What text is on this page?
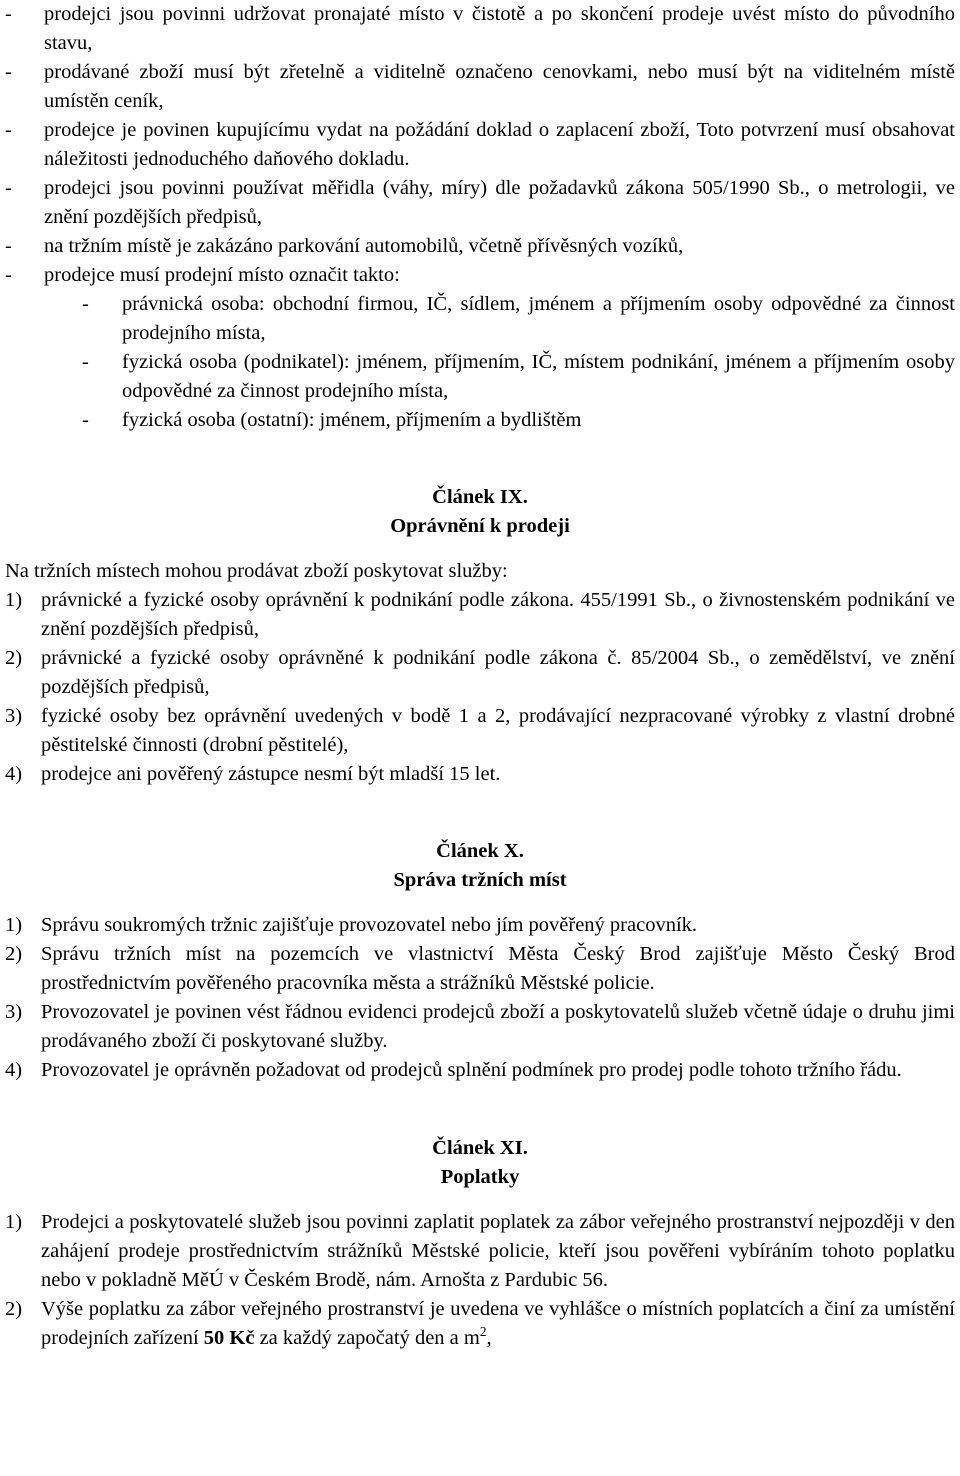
-	prodejci jsou povinni udržovat pronajaté místo v čistotě a po skončení prodeje uvést místo do původního stavu,
-	prodávané zboží musí být zřetelně a viditelně označeno cenovkami, nebo musí být na viditelném místě umístěn ceník,
-	prodejce je povinen kupujícímu vydat na požádání doklad o zaplacení zboží, Toto potvrzení musí obsahovat náležitosti jednoduchého daňového dokladu.
-	prodejci jsou povinni používat měřidla (váhy, míry) dle požadavků zákona 505/1990 Sb., o metrologii, ve znění pozdějších předpisů,
-	na tržním místě je zakázáno parkování automobilů, včetně přívěsných vozíků,
-	prodejce musí prodejní místo označit takto:
-	právnická osoba: obchodní firmou, IČ, sídlem, jménem a příjmením osoby odpovědné za činnost prodejního místa,
-	fyzická osoba (podnikatel): jménem, příjmením, IČ, místem podnikání, jménem a příjmením osoby odpovědné za činnost prodejního místa,
-	fyzická osoba (ostatní): jménem, příjmením a bydlištěm
Článek IX.
Oprávnění k prodeji
Na tržních místech mohou prodávat zboží poskytovat služby:
1) právnické a fyzické osoby oprávnění k podnikání podle zákona. 455/1991 Sb., o živnostenském podnikání ve znění pozdějších předpisů,
2) právnické a fyzické osoby oprávněné k podnikání podle zákona č. 85/2004 Sb., o zemědělství, ve znění pozdějších předpisů,
3) fyzické osoby bez oprávnění uvedených v bodě 1 a 2, prodávající nezpracované výrobky z vlastní drobné pěstitelské činnosti (drobní pěstitelé),
4) prodejce ani pověřený zástupce nesmí být mladší 15 let.
Článek X.
Správa tržních míst
1) Správu soukromých tržnic zajišťuje provozovatel nebo jím pověřený pracovník.
2) Správu tržních míst na pozemcích ve vlastnictví Města Český Brod zajišťuje Město Český Brod prostřednictvím pověřeného pracovníka města a strážníků Městské policie.
3) Provozovatel je povinen vést řádnou evidenci prodejců zboží a poskytovatelů služeb včetně údaje o druhu jimi prodávaného zboží či poskytované služby.
4) Provozovatel je oprávněn požadovat od prodejců splnění podmínek pro prodej podle tohoto tržního řádu.
Článek XI.
Poplatky
1) Prodejci a poskytovatelé služeb jsou povinni zaplatit poplatek za zábor veřejného prostranství nejpozději v den zahájení prodeje prostřednictvím strážníků Městské policie, kteří jsou pověřeni vybíráním tohoto poplatku nebo v pokladně MěÚ v Českém Brodě, nám. Arnošta z Pardubic 56.
2) Výše poplatku za zábor veřejného prostranství je uvedena ve vyhlášce o místních poplatcích a činí za umístění prodejních zařízení 50 Kč za každý započatý den a $m^2$,
